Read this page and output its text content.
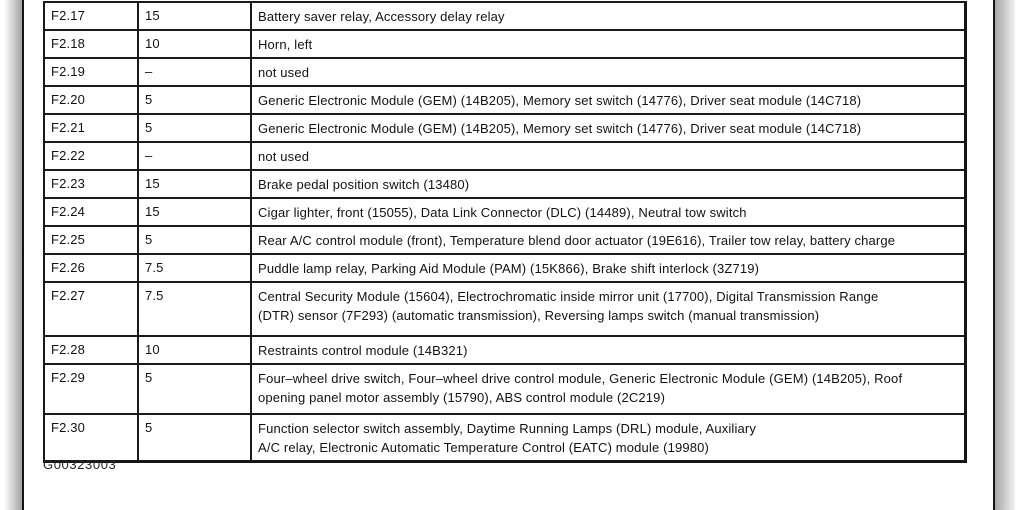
F2.17	15	Battery saver relay, Accessory delay relay

F2.18	10	Horn, left

F2.19	–	not used

F2.20	5	Generic Electronic Module (GEM) (14B205), Memory set switch (14776), Driver seat module (14C718)

F2.21	5	Generic Electronic Module (GEM) (14B205), Memory set switch (14776), Driver seat module (14C718)

F2.22	–	not used

F2.23	15	Brake pedal position switch (13480)

F2.24	15	Cigar lighter, front (15055), Data Link Connector (DLC) (14489), Neutral tow switch

F2.25	5	Rear A/C control module (front), Temperature blend door actuator (19E616), Trailer tow relay, battery charge

F2.26	7.5	Puddle lamp relay, Parking Aid Module (PAM) (15K866), Brake shift interlock (3Z719)

F2.27	7.5	Central Security Module (15604), Electrochromatic inside mirror unit (17700), Digital Transmission Range
(DTR) sensor (7F293) (automatic transmission), Reversing lamps switch (manual transmission)

F2.28	10	Restraints control module (14B321)

F2.29	5	Four–wheel drive switch, Four–wheel drive control module, Generic Electronic Module (GEM) (14B205), Roof
opening panel motor assembly (15790), ABS control module (2C219)

F2.30	5	Function selector switch assembly, Daytime Running Lamps (DRL) module, Auxiliary
A/C relay, Electronic Automatic Temperature Control (EATC) module (19980)
G00323003
